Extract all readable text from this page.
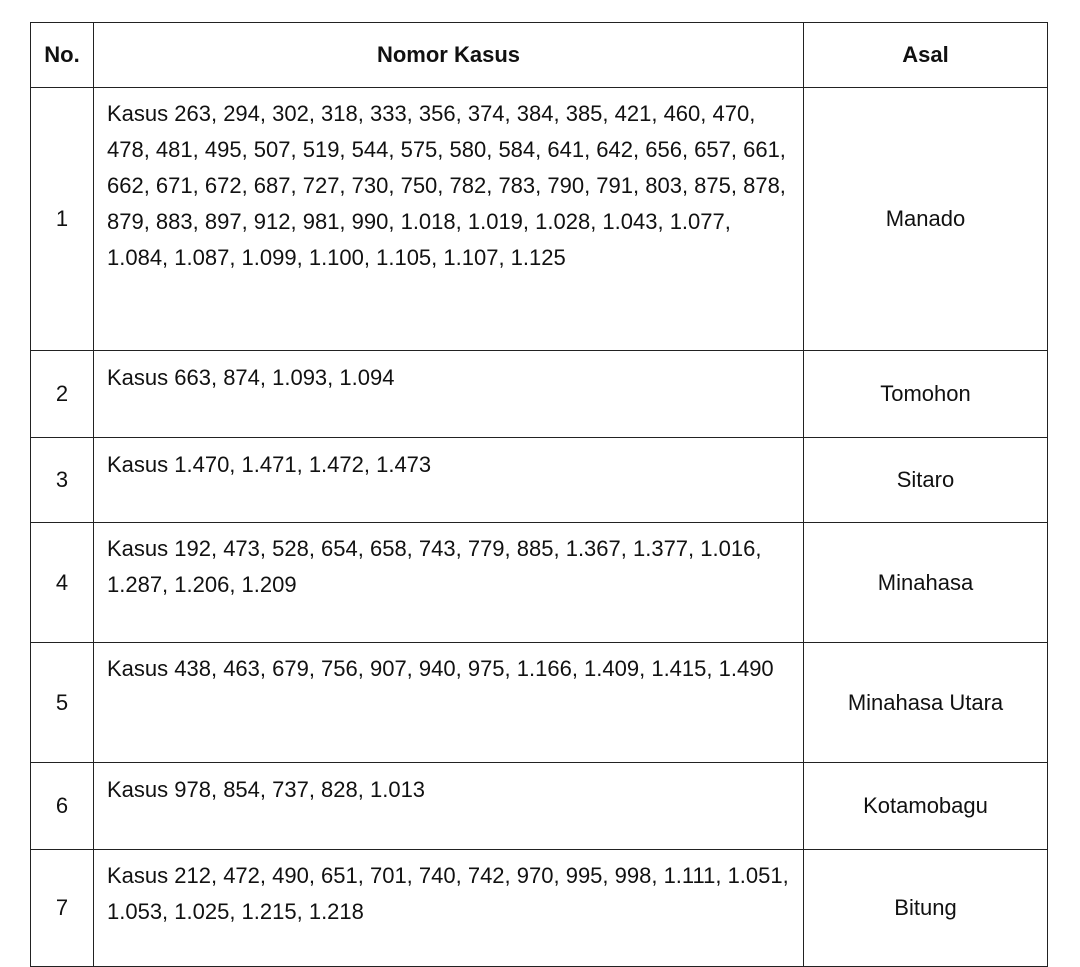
No.	Nomor Kasus	Asal
1	Kasus 263, 294, 302, 318, 333, 356, 374, 384, 385, 421, 460, 470, 478, 481, 495, 507, 519, 544, 575, 580, 584, 641, 642, 656, 657, 661, 662, 671, 672, 687, 727, 730, 750, 782, 783, 790, 791, 803, 875, 878, 879, 883, 897, 912, 981, 990, 1.018, 1.019, 1.028, 1.043, 1.077, 1.084, 1.087, 1.099, 1.100, 1.105, 1.107, 1.125	Manado
2	Kasus 663, 874, 1.093, 1.094	Tomohon
3	Kasus 1.470, 1.471, 1.472, 1.473	Sitaro
4	Kasus 192, 473, 528, 654, 658, 743, 779, 885, 1.367, 1.377, 1.016, 1.287, 1.206, 1.209	Minahasa
5	Kasus 438, 463, 679, 756, 907, 940, 975, 1.166, 1.409, 1.415, 1.490	Minahasa Utara
6	Kasus 978, 854, 737, 828, 1.013	Kotamobagu
7	Kasus 212, 472, 490, 651, 701, 740, 742, 970, 995, 998, 1.111, 1.051, 1.053, 1.025, 1.215, 1.218	Bitung
